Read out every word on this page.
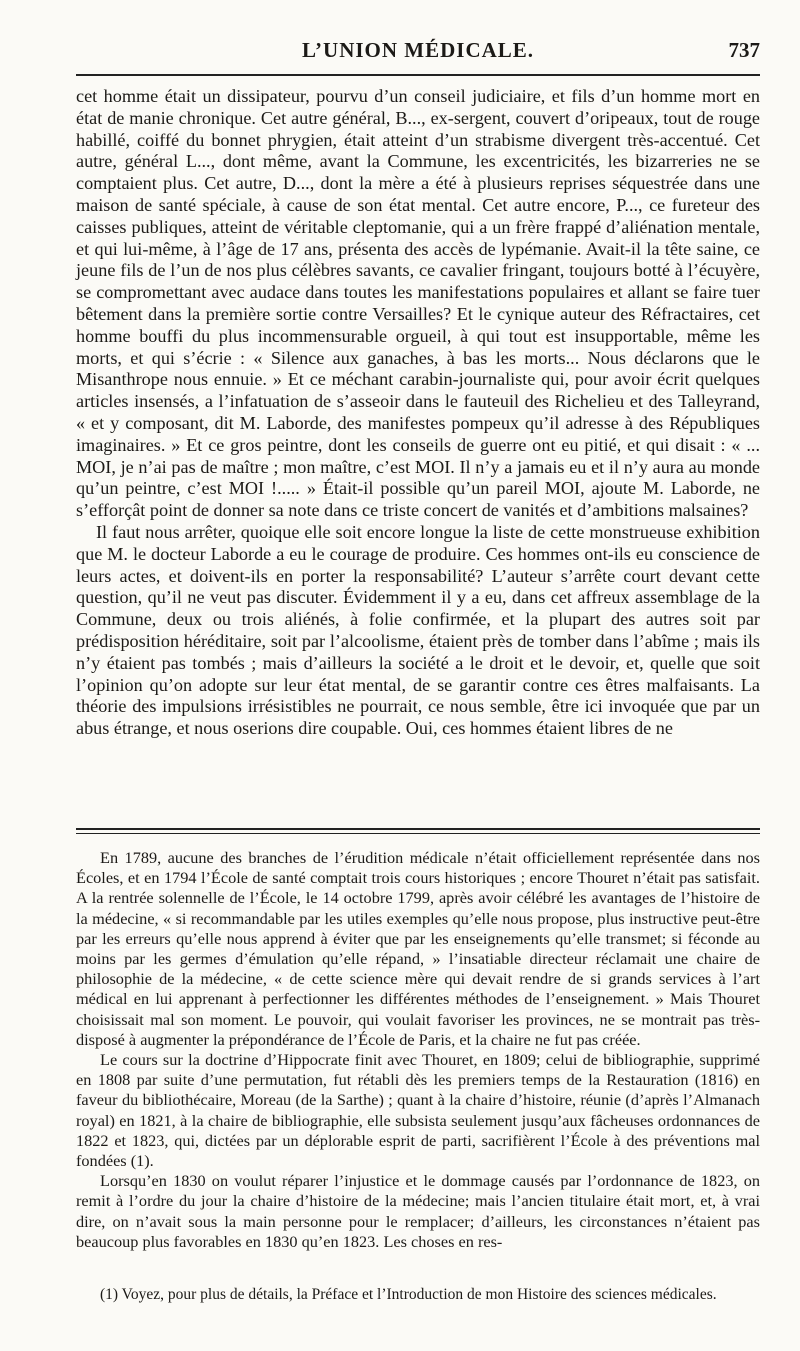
L’UNION MÉDICALE.	737

cet homme était un dissipateur, pourvu d’un conseil judiciaire, et fils d’un homme mort en état de manie chronique. Cet autre général, B..., ex-sergent, couvert d’oripeaux, tout de rouge habillé, coiffé du bonnet phrygien, était atteint d’un strabisme divergent très-accentué. Cet autre, général L..., dont même, avant la Commune, les excentricités, les bizarreries ne se comptaient plus. Cet autre, D..., dont la mère a été à plusieurs reprises séquestrée dans une maison de santé spéciale, à cause de son état mental. Cet autre encore, P..., ce fureteur des caisses publiques, atteint de véritable cleptomanie, qui a un frère frappé d’aliénation mentale, et qui lui-même, à l’âge de 17 ans, présenta des accès de lypémanie. Avait-il la tête saine, ce jeune fils de l’un de nos plus célèbres savants, ce cavalier fringant, toujours botté à l’écuyère, se compromettant avec audace dans toutes les manifestations populaires et allant se faire tuer bêtement dans la première sortie contre Versailles? Et le cynique auteur des Réfractaires, cet homme bouffi du plus incommensurable orgueil, à qui tout est insupportable, même les morts, et qui s’écrie : « Silence aux ganaches, à bas les morts... Nous déclarons que le Misanthrope nous ennuie. » Et ce méchant carabin-journaliste qui, pour avoir écrit quelques articles insensés, a l’infatuation de s’asseoir dans le fauteuil des Richelieu et des Talleyrand, « et y composant, dit M. Laborde, des manifestes pompeux qu’il adresse à des Républiques imaginaires. » Et ce gros peintre, dont les conseils de guerre ont eu pitié, et qui disait : « ... MOI, je n’ai pas de maître ; mon maître, c’est MOI. Il n’y a jamais eu et il n’y aura au monde qu’un peintre, c’est MOI !..... » Était-il possible qu’un pareil MOI, ajoute M. Laborde, ne s’efforçât point de donner sa note dans ce triste concert de vanités et d’ambitions malsaines?

Il faut nous arrêter, quoique elle soit encore longue la liste de cette monstrueuse exhibition que M. le docteur Laborde a eu le courage de produire. Ces hommes ont-ils eu conscience de leurs actes, et doivent-ils en porter la responsabilité? L’auteur s’arrête court devant cette question, qu’il ne veut pas discuter. Évidemment il y a eu, dans cet affreux assemblage de la Commune, deux ou trois aliénés, à folie confirmée, et la plupart des autres soit par prédisposition héréditaire, soit par l’alcoolisme, étaient près de tomber dans l’abîme ; mais ils n’y étaient pas tombés ; mais d’ailleurs la société a le droit et le devoir, et, quelle que soit l’opinion qu’on adopte sur leur état mental, de se garantir contre ces êtres malfaisants. La théorie des impulsions irrésistibles ne pourrait, ce nous semble, être ici invoquée que par un abus étrange, et nous oserions dire coupable. Oui, ces hommes étaient libres de ne

En 1789, aucune des branches de l’érudition médicale n’était officiellement représentée dans nos Écoles, et en 1794 l’École de santé comptait trois cours historiques ; encore Thouret n’était pas satisfait. A la rentrée solennelle de l’École, le 14 octobre 1799, après avoir célébré les avantages de l’histoire de la médecine, « si recommandable par les utiles exemples qu’elle nous propose, plus instructive peut-être par les erreurs qu’elle nous apprend à éviter que par les enseignements qu’elle transmet; si féconde au moins par les germes d’émulation qu’elle répand, » l’insatiable directeur réclamait une chaire de philosophie de la médecine, « de cette science mère qui devait rendre de si grands services à l’art médical en lui apprenant à perfectionner les différentes méthodes de l’enseignement. » Mais Thouret choisissait mal son moment. Le pouvoir, qui voulait favoriser les provinces, ne se montrait pas très-disposé à augmenter la prépondérance de l’École de Paris, et la chaire ne fut pas créée.

Le cours sur la doctrine d’Hippocrate finit avec Thouret, en 1809; celui de bibliographie, supprimé en 1808 par suite d’une permutation, fut rétabli dès les premiers temps de la Restauration (1816) en faveur du bibliothécaire, Moreau (de la Sarthe) ; quant à la chaire d’histoire, réunie (d’après l’Almanach royal) en 1821, à la chaire de bibliographie, elle subsista seulement jusqu’aux fâcheuses ordonnances de 1822 et 1823, qui, dictées par un déplorable esprit de parti, sacrifièrent l’École à des préventions mal fondées (1).

Lorsqu’en 1830 on voulut réparer l’injustice et le dommage causés par l’ordonnance de 1823, on remit à l’ordre du jour la chaire d’histoire de la médecine; mais l’ancien titulaire était mort, et, à vrai dire, on n’avait sous la main personne pour le remplacer; d’ailleurs, les circonstances n’étaient pas beaucoup plus favorables en 1830 qu’en 1823. Les choses en res-

(1) Voyez, pour plus de détails, la Préface et l’Introduction de mon Histoire des sciences médicales.
